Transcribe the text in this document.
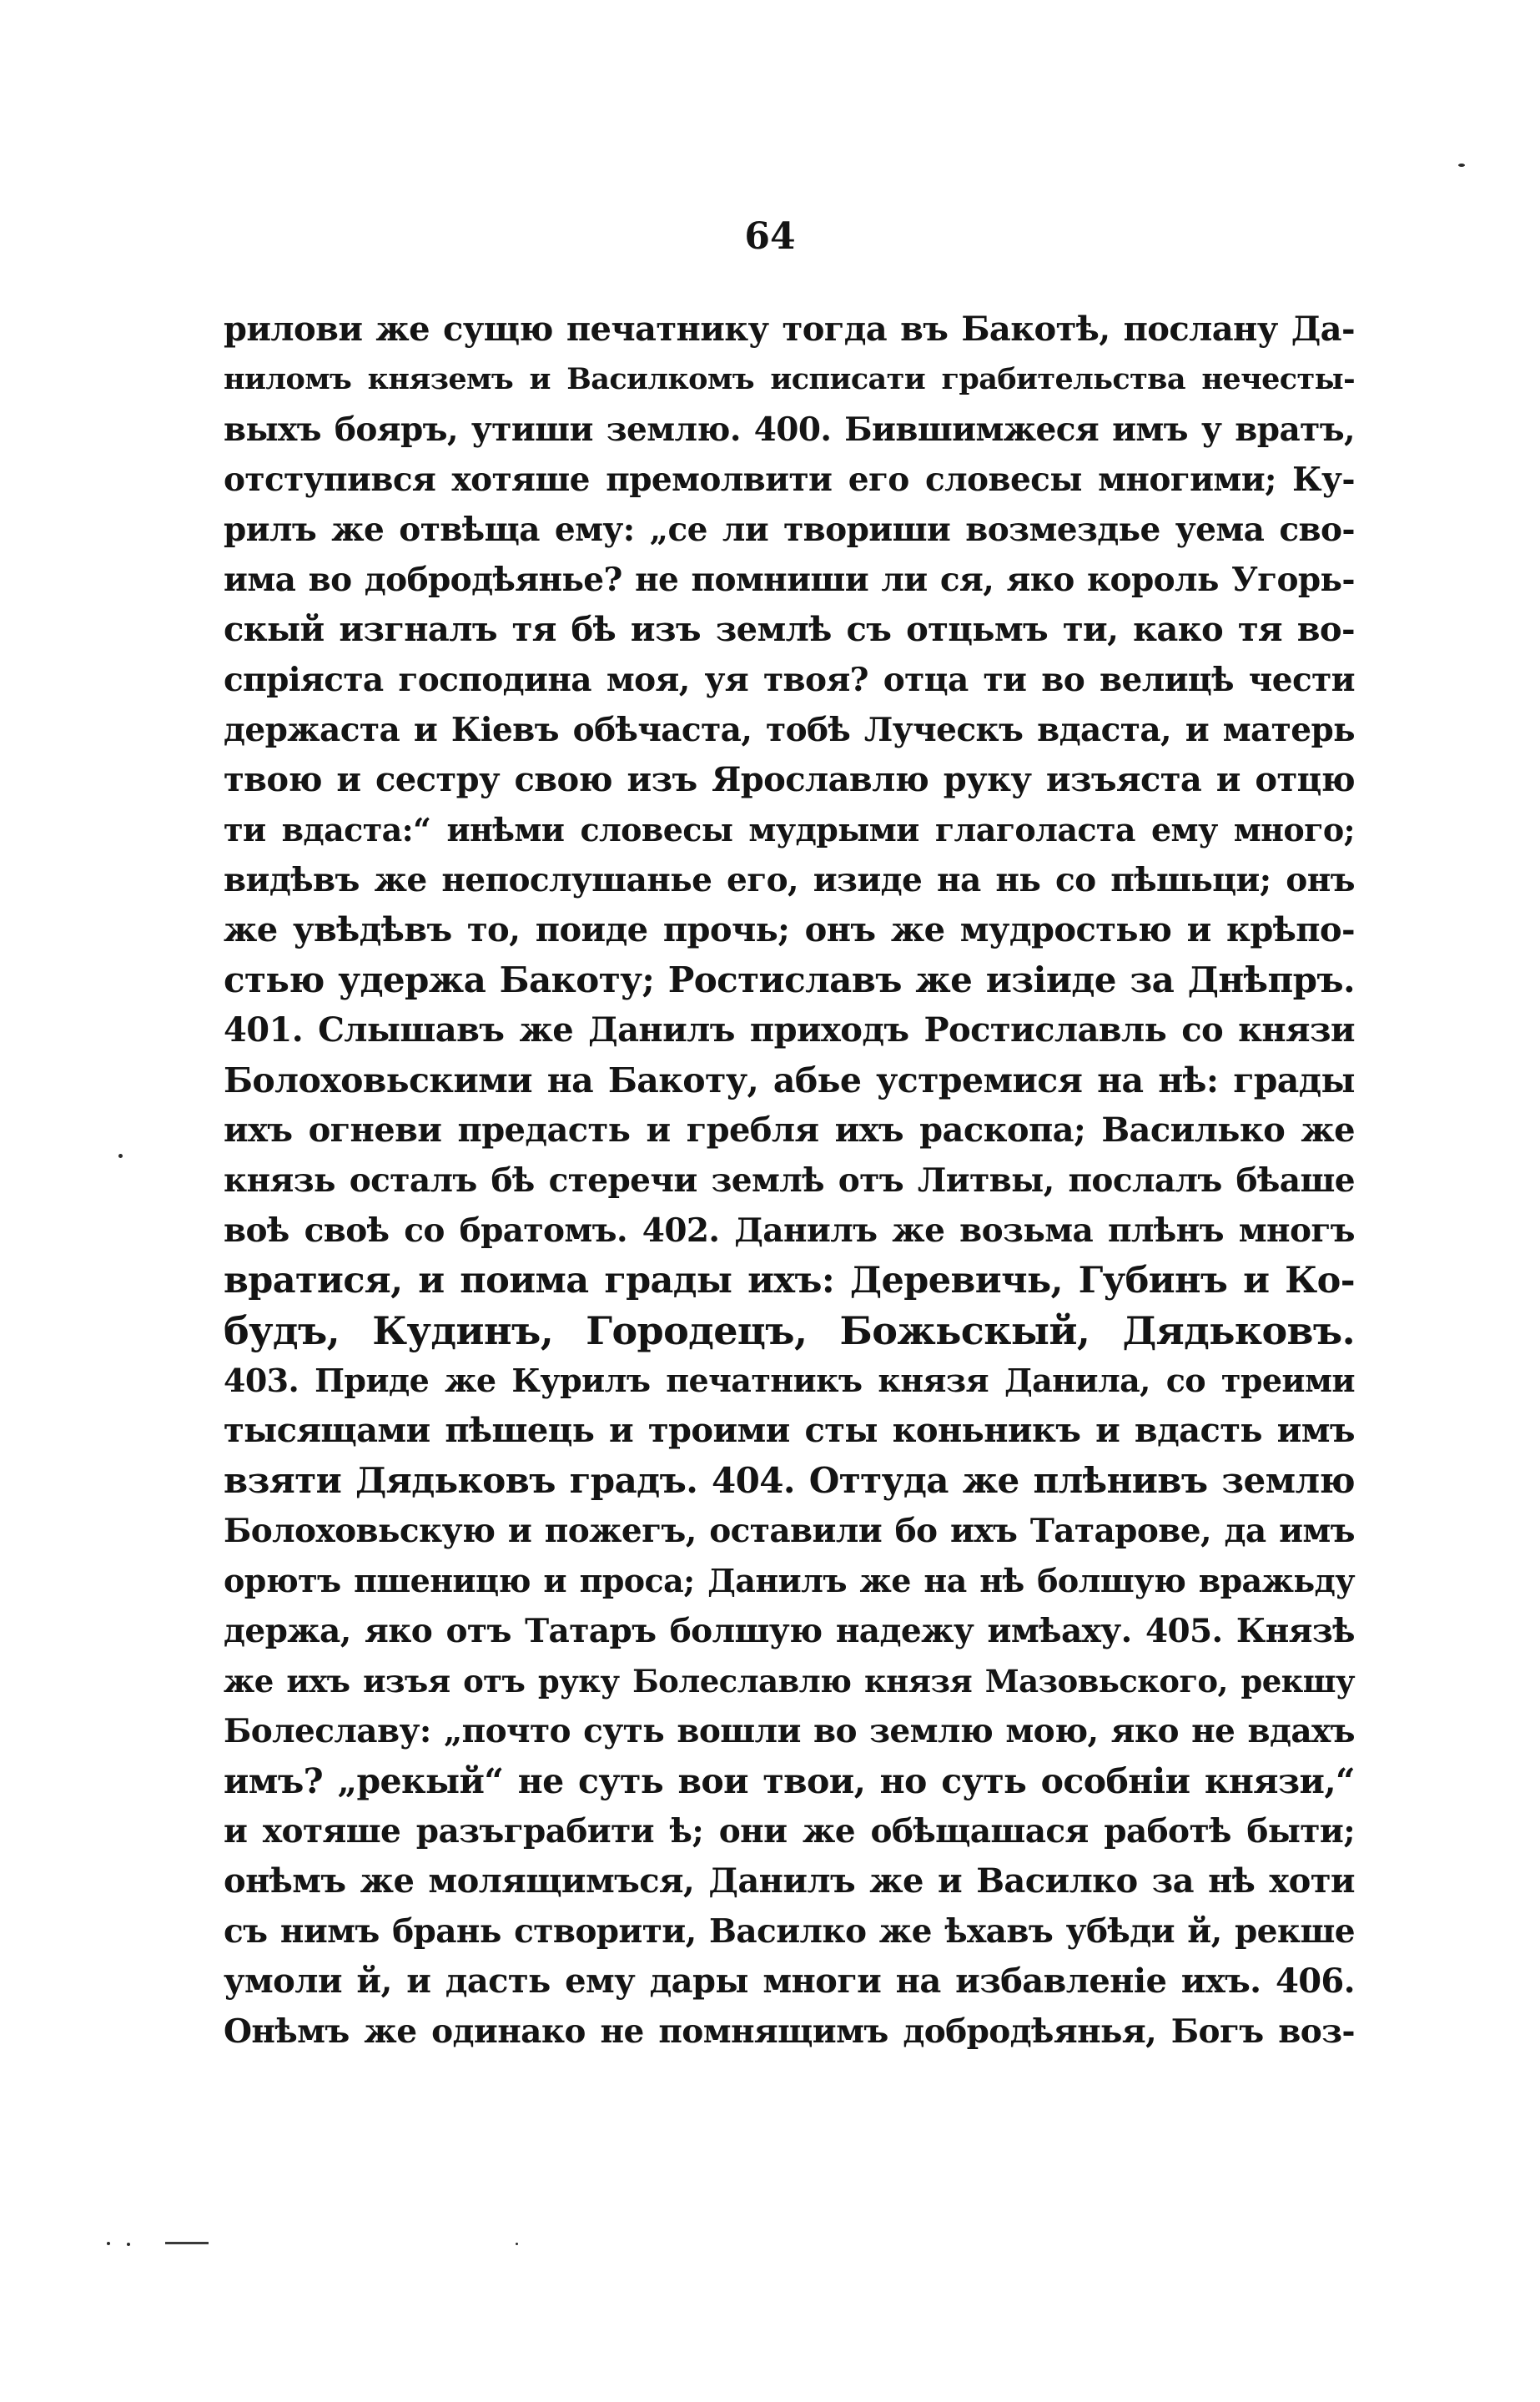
64
рилови же сущю печатнику тогда въ Бакотѣ, послану Да-
ниломъ княземъ и Василкомъ исписати грабительства нечесты-
выхъ бояръ, утиши землю. 400. Бившимжеся имъ у вратъ,
отступився хотяше премолвити его словесы многими; Ку-
рилъ же отвѣща ему: „се ли твориши возмездье уема сво-
има во добродѣянье? не помниши ли ся, яко король Угорь-
скый изгналъ тя бѣ изъ землѣ съ отцьмъ ти, како тя во-
спріяста господина моя, уя твоя? отца ти во велицѣ чести
держаста и Кіевъ обѣчаста, тобѣ Луческъ вдаста, и матерь
твою и сестру свою изъ Ярославлю руку изъяста и отцю
ти вдаста:“ инѣми словесы мудрыми глаголаста ему много;
видѣвъ же непослушанье его, изиде на нь со пѣшьци; онъ
же увѣдѣвъ то, поиде прочь; онъ же мудростью и крѣпо-
стью удержа Бакоту; Ростиславъ же изіиде за Днѣпръ.
401. Слышавъ же Данилъ приходъ Ростиславль со князи
Болоховьскими на Бакоту, абье устремися на нѣ: грады
ихъ огневи предасть и гребля ихъ раскопа; Василько же
князь осталъ бѣ стеречи землѣ отъ Литвы, послалъ бѣаше
воѣ своѣ со братомъ. 402. Данилъ же возьма плѣнъ многъ
вратися, и поима грады ихъ: Деревичь, Губинъ и Ко-
будъ, Кудинъ, Городецъ, Божьскый, Дядьковъ.
403. Приде же Курилъ печатникъ князя Данила, со треими
тысящами пѣшець и троими сты коньникъ и вдасть имъ
взяти Дядьковъ градъ. 404. Оттуда же плѣнивъ землю
Болоховьскую и пожегъ, оставили бо ихъ Татарове, да имъ
орютъ пшеницю и проса; Данилъ же на нѣ болшую вражьду
держа, яко отъ Татаръ болшую надежу имѣаху. 405. Князѣ
же ихъ изъя отъ руку Болеславлю князя Мазовьского, рекшу
Болеславу: „почто суть вошли во землю мою, яко не вдахъ
имъ? „рекый“ не суть вои твои, но суть особніи князи,“
и хотяше разъграбити ѣ; они же обѣщашася работѣ быти;
онѣмъ же молящимъся, Данилъ же и Василко за нѣ хоти
съ нимъ брань створити, Василко же ѣхавъ убѣди й, рекше
умоли й, и дасть ему дары многи на избавленіе ихъ. 406.
Онѣмъ же одинако не помнящимъ добродѣянья, Богъ воз-
